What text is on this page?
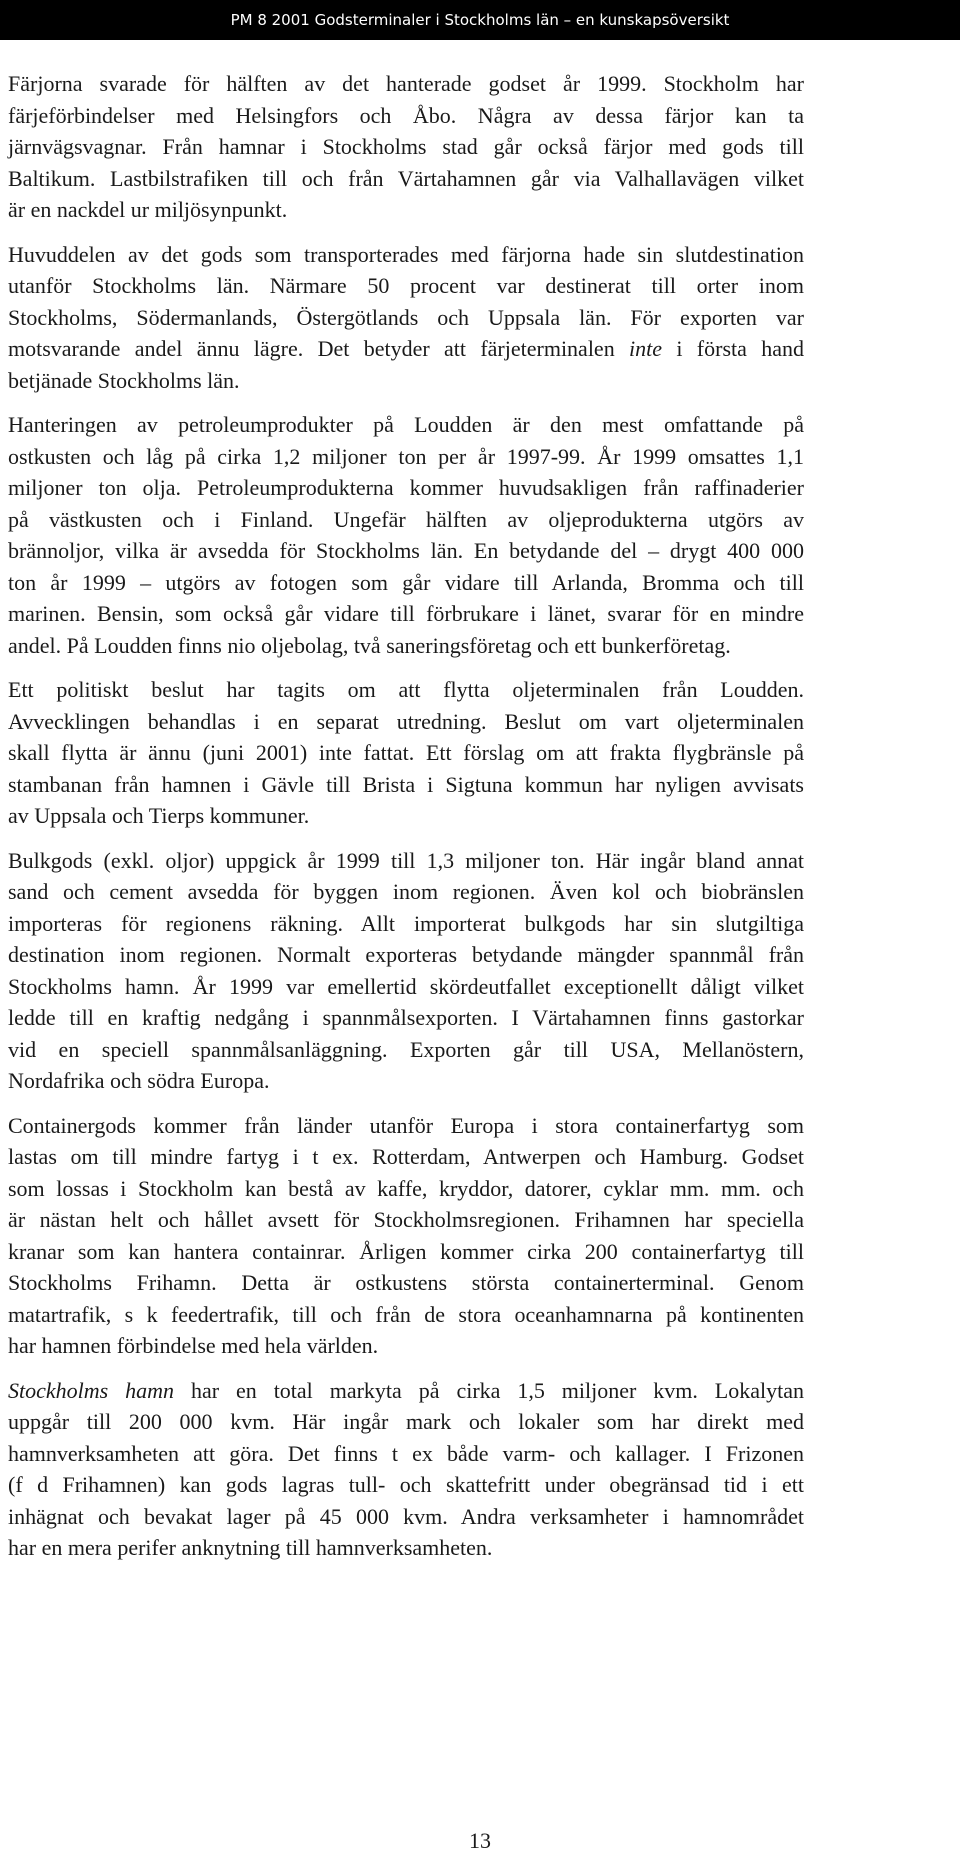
PM 8 2001 Godsterminaler i Stockholms län – en kunskapsöversikt
Färjorna svarade för hälften av det hanterade godset år 1999. Stockholm har
färjeförbindelser med Helsingfors och Åbo. Några av dessa färjor kan ta
järnvägsvagnar. Från hamnar i Stockholms stad går också färjor med gods till
Baltikum. Lastbilstrafiken till och från Värtahamnen går via Valhallavägen vilket
är en nackdel ur miljösynpunkt.
Huvuddelen av det gods som transporterades med färjorna hade sin slutdestination
utanför Stockholms län. Närmare 50 procent var destinerat till orter inom
Stockholms, Södermanlands, Östergötlands och Uppsala län. För exporten var
motsvarande andel ännu lägre. Det betyder att färjeterminalen inte i första hand
betjänade Stockholms län.
Hanteringen av petroleumprodukter på Loudden är den mest omfattande på
ostkusten och låg på cirka 1,2 miljoner ton per år 1997-99. År 1999 omsattes 1,1
miljoner ton olja. Petroleumprodukterna kommer huvudsakligen från raffinaderier
på västkusten och i Finland. Ungefär hälften av oljeprodukterna utgörs av
brännoljor, vilka är avsedda för Stockholms län. En betydande del – drygt 400 000
ton år 1999 – utgörs av fotogen som går vidare till Arlanda, Bromma och till
marinen. Bensin, som också går vidare till förbrukare i länet, svarar för en mindre
andel. På Loudden finns nio oljebolag, två saneringsföretag och ett bunkerföretag.
Ett politiskt beslut har tagits om att flytta oljeterminalen från Loudden.
Avvecklingen behandlas i en separat utredning. Beslut om vart oljeterminalen
skall flytta är ännu (juni 2001) inte fattat. Ett förslag om att frakta flygbränsle på
stambanan från hamnen i Gävle till Brista i Sigtuna kommun har nyligen avvisats
av Uppsala och Tierps kommuner.
Bulkgods (exkl. oljor) uppgick år 1999 till 1,3 miljoner ton. Här ingår bland annat
sand och cement avsedda för byggen inom regionen. Även kol och biobränslen
importeras för regionens räkning. Allt importerat bulkgods har sin slutgiltiga
destination inom regionen. Normalt exporteras betydande mängder spannmål från
Stockholms hamn. År 1999 var emellertid skördeutfallet exceptionellt dåligt vilket
ledde till en kraftig nedgång i spannmålsexporten. I Värtahamnen finns gastorkar
vid en speciell spannmålsanläggning. Exporten går till USA, Mellanöstern,
Nordafrika och södra Europa.
Containergods kommer från länder utanför Europa i stora containerfartyg som
lastas om till mindre fartyg i t ex. Rotterdam, Antwerpen och Hamburg. Godset
som lossas i Stockholm kan bestå av kaffe, kryddor, datorer, cyklar mm. mm. och
är nästan helt och hållet avsett för Stockholmsregionen. Frihamnen har speciella
kranar som kan hantera containrar. Årligen kommer cirka 200 containerfartyg till
Stockholms Frihamn. Detta är ostkustens största containerterminal. Genom
matartrafik, s k feedertrafik, till och från de stora oceanhamnarna på kontinenten
har hamnen förbindelse med hela världen.
Stockholms hamn har en total markyta på cirka 1,5 miljoner kvm. Lokalytan
uppgår till 200 000 kvm. Här ingår mark och lokaler som har direkt med
hamnverksamheten att göra. Det finns t ex både varm- och kallager. I Frizonen
(f d Frihamnen) kan gods lagras tull- och skattefritt under obegränsad tid i ett
inhägnat och bevakat lager på 45 000 kvm. Andra verksamheter i hamnområdet
har en mera perifer anknytning till hamnverksamheten.
13
